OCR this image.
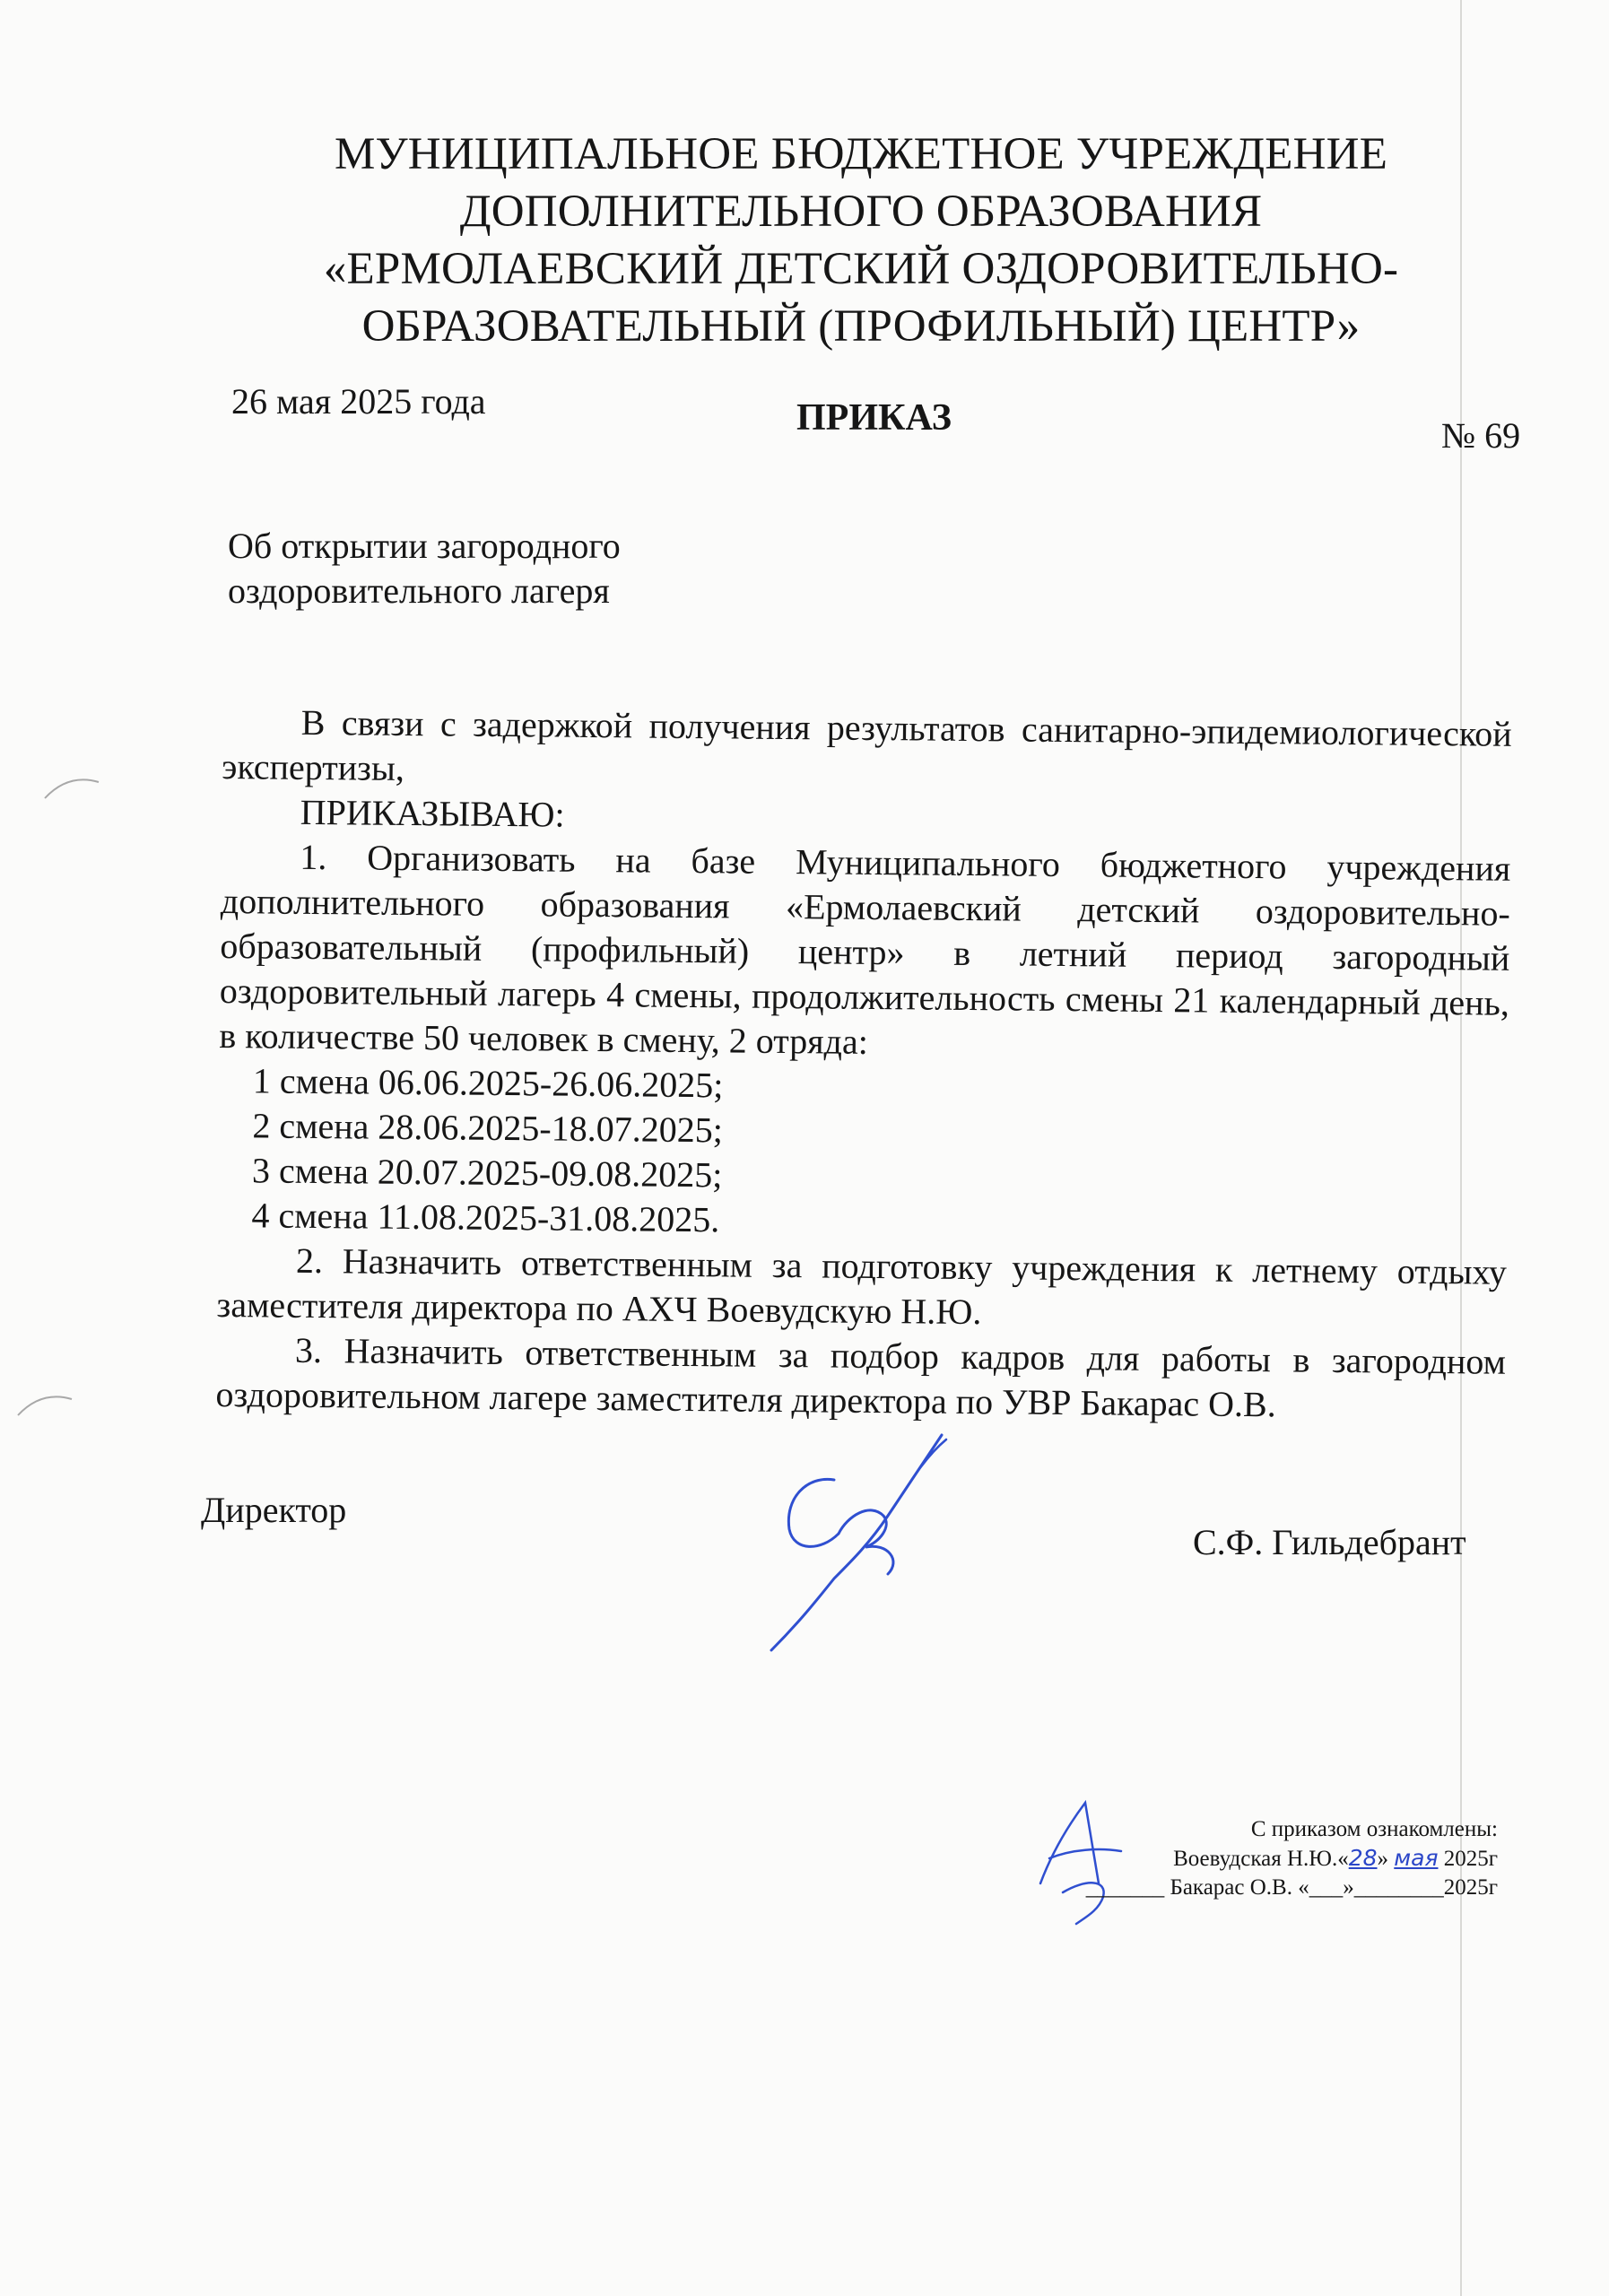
МУНИЦИПАЛЬНОЕ БЮДЖЕТНОЕ УЧРЕЖДЕНИЕ
ДОПОЛНИТЕЛЬНОГО ОБРАЗОВАНИЯ
«ЕРМОЛАЕВСКИЙ ДЕТСКИЙ ОЗДОРОВИТЕЛЬНО-
ОБРАЗОВАТЕЛЬНЫЙ (ПРОФИЛЬНЫЙ) ЦЕНТР»
26 мая 2025 года	ПРИКАЗ	№ 69
Об открытии загородного
оздоровительного лагеря
В связи с задержкой получения результатов санитарно-эпидемиологической экспертизы,
ПРИКАЗЫВАЮ:
1. Организовать на базе Муниципального бюджетного учреждения дополнительного образования «Ермолаевский детский оздоровительно-образовательный (профильный) центр» в летний период загородный оздоровительный лагерь 4 смены, продолжительность смены 21 календарный день, в количестве 50 человек в смену, 2 отряда:
1 смена 06.06.2025-26.06.2025;
2 смена 28.06.2025-18.07.2025;
3 смена 20.07.2025-09.08.2025;
4 смена 11.08.2025-31.08.2025.
2. Назначить ответственным за подготовку учреждения к летнему отдыху заместителя директора по АХЧ Воевудскую Н.Ю.
3. Назначить ответственным за подбор кадров для работы в загородном оздоровительном лагере заместителя директора по УВР Бакарас О.В.
Директор
С.Ф. Гильдебрант
С приказом ознакомлены:
Воевудская Н.Ю.«28» мая 2025г
_______ Бакарас О.В. «___»________2025г
